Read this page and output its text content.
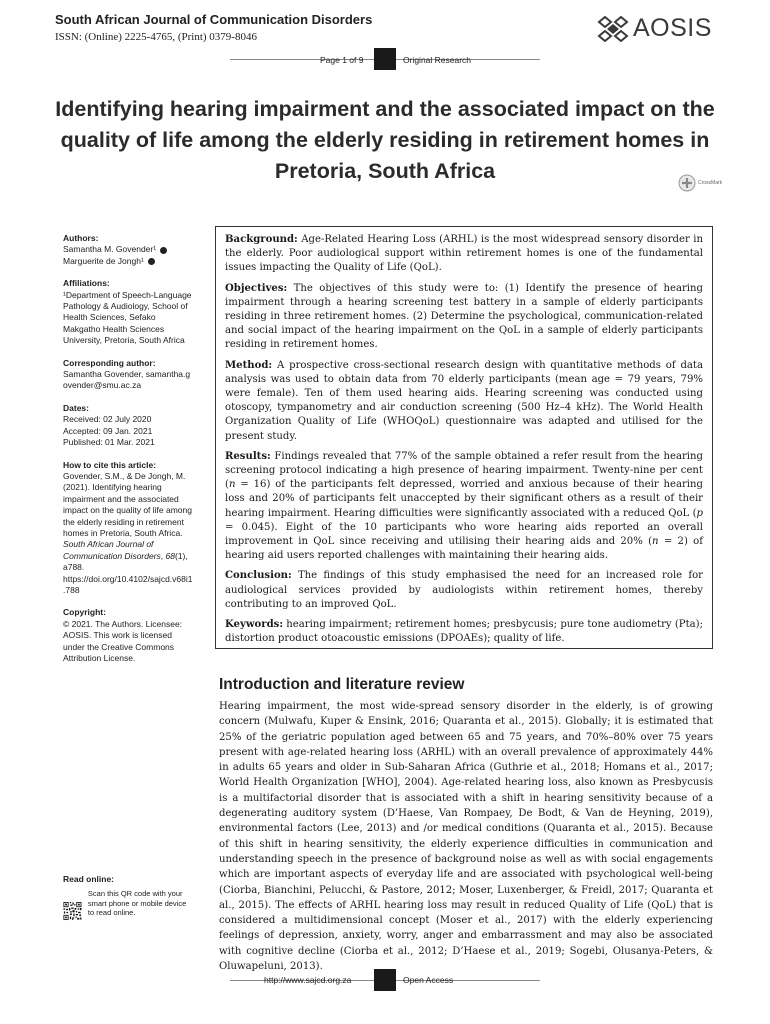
South African Journal of Communication Disorders
ISSN: (Online) 2225-4765, (Print) 0379-8046	AOSIS
Page 1 of 9	Original Research
Identifying hearing impairment and the associated impact on the quality of life among the elderly residing in retirement homes in Pretoria, South Africa	CrossMark
Authors:
Samantha M. Govender¹
Marguerite de Jongh¹
Affiliations:
¹Department of Speech-Language Pathology & Audiology, School of Health Sciences, Sefako Makgatho Health Sciences University, Pretoria, South Africa
Corresponding author:
Samantha Govender, samantha.govender@smu.ac.za
Dates:
Received: 02 July 2020
Accepted: 09 Jan. 2021
Published: 01 Mar. 2021
How to cite this article:
Govender, S.M., & De Jongh, M. (2021). Identifying hearing impairment and the associated impact on the quality of life among the elderly residing in retirement homes in Pretoria, South Africa. South African Journal of Communication Disorders, 68(1), a788. https://doi.org/10.4102/sajcd.v68i1.788
Copyright:
© 2021. The Authors. Licensee: AOSIS. This work is licensed under the Creative Commons Attribution License.
Read online:
Scan this QR code with your smart phone or mobile device to read online.

Background: Age-Related Hearing Loss (ARHL) is the most widespread sensory disorder in the elderly. Poor audiological support within retirement homes is one of the fundamental issues impacting the Quality of Life (QoL).

Objectives: The objectives of this study were to: (1) Identify the presence of hearing impairment through a hearing screening test battery in a sample of elderly participants residing in three retirement homes. (2) Determine the psychological, communication-related and social impact of the hearing impairment on the QoL in a sample of elderly participants residing in retirement homes.

Method: A prospective cross-sectional research design with quantitative methods of data analysis was used to obtain data from 70 elderly participants (mean age = 79 years, 79% were female). Ten of them used hearing aids. Hearing screening was conducted using otoscopy, tympanometry and air conduction screening (500 Hz–4 kHz). The World Health Organization Quality of Life (WHOQoL) questionnaire was adapted and utilised for the present study.

Results: Findings revealed that 77% of the sample obtained a refer result from the hearing screening protocol indicating a high presence of hearing impairment. Twenty-nine per cent (n = 16) of the participants felt depressed, worried and anxious because of their hearing loss and 20% of participants felt unaccepted by their significant others as a result of their hearing impairment. Hearing difficulties were significantly associated with a reduced QoL (p = 0.045). Eight of the 10 participants who wore hearing aids reported an overall improvement in QoL since receiving and utilising their hearing aids and 20% (n = 2) of hearing aid users reported challenges with maintaining their hearing aids.

Conclusion: The findings of this study emphasised the need for an increased role for audiological services provided by audiologists within retirement homes, thereby contributing to an improved QoL.

Keywords: hearing impairment; retirement homes; presbycusis; pure tone audiometry (Pta); distortion product otoacoustic emissions (DPOAEs); quality of life.

Introduction and literature review

Hearing impairment, the most wide-spread sensory disorder in the elderly, is of growing concern (Mulwafu, Kuper & Ensink, 2016; Quaranta et al., 2015). Globally; it is estimated that 25% of the geriatric population aged between 65 and 75 years, and 70%–80% over 75 years present with age-related hearing loss (ARHL) with an overall prevalence of approximately 44% in adults 65 years and older in Sub-Saharan Africa (Guthrie et al., 2018; Homans et al., 2017; World Health Organization [WHO], 2004). Age-related hearing loss, also known as Presbycusis is a multifactorial disorder that is associated with a shift in hearing sensitivity because of a degenerating auditory system (D’Haese, Van Rompaey, De Bodt, & Van de Heyning, 2019), environmental factors (Lee, 2013) and /or medical conditions (Quaranta et al., 2015). Because of this shift in hearing sensitivity, the elderly experience difficulties in communication and understanding speech in the presence of background noise as well as with social engagements which are important aspects of everyday life and are associated with psychological well-being (Ciorba, Bianchini, Pelucchi, & Pastore, 2012; Moser, Luxenberger, & Freidl, 2017; Quaranta et al., 2015). The effects of ARHL hearing loss may result in reduced Quality of Life (QoL) that is considered a multidimensional concept (Moser et al., 2017) with the elderly experiencing feelings of depression, anxiety, worry, anger and embarrassment and may also be associated with cognitive decline (Ciorba et al., 2012; D’Haese et al., 2019; Sogebi, Olusanya-Peters, & Oluwapeluni, 2013).

http://www.sajcd.org.za	Open Access
